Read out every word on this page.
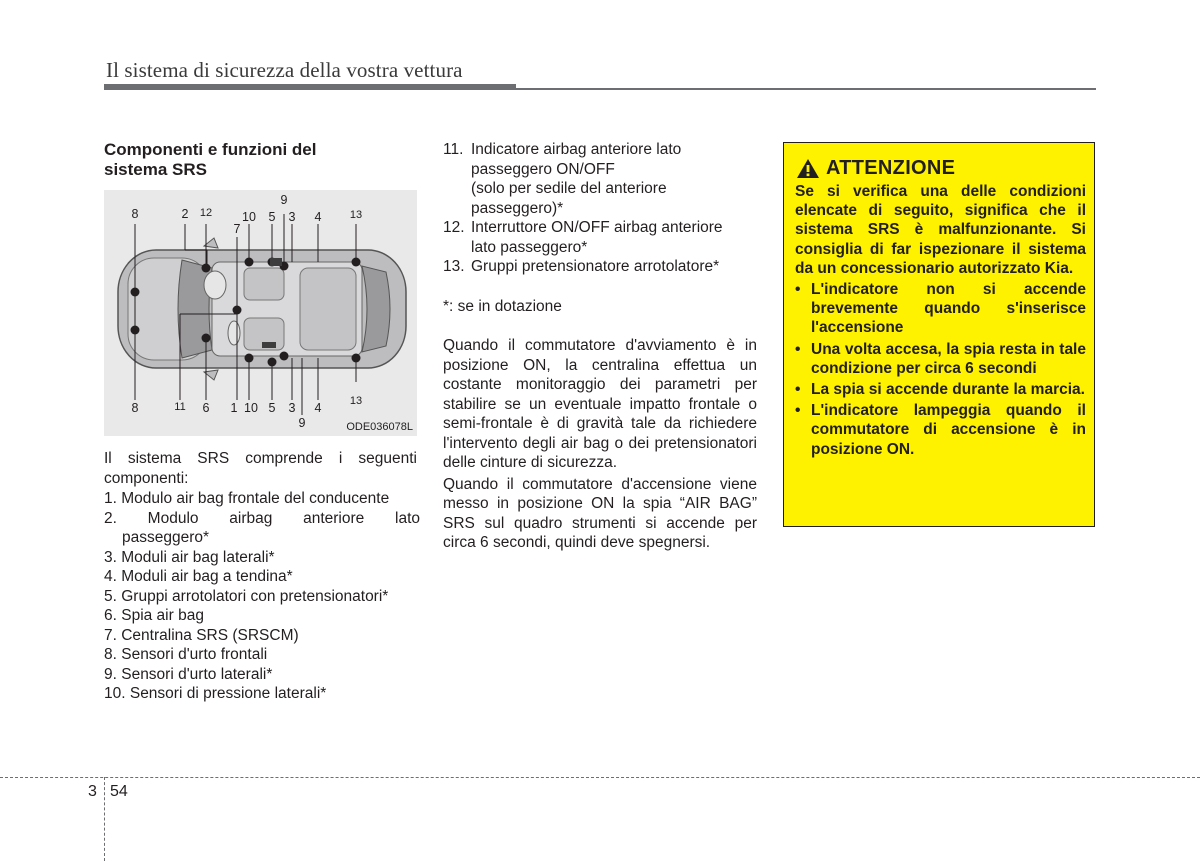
Il sistema di sicurezza della vostra vettura
Componenti e funzioni del
sistema SRS
8	2 12 10 5 3 4	13
9
7
8	11 6 1 10 5 3 4	13
9	ODE036078L
Il sistema SRS comprende i seguenti componenti:
1. Modulo air bag frontale del conducente
2. Modulo airbag anteriore lato
passeggero*
3. Moduli air bag laterali*
4. Moduli air bag a tendina*
5. Gruppi arrotolatori con pretensionatori*
6. Spia air bag
7. Centralina SRS (SRSCM)
8. Sensori d'urto frontali
9. Sensori d'urto laterali*
10. Sensori di pressione laterali*
11. Indicatore airbag anteriore lato
passeggero ON/OFF
(solo per sedile del anteriore
passeggero)*
12. Interruttore ON/OFF airbag anteriore
lato passeggero*
13. Gruppi pretensionatore arrotolatore*
*: se in dotazione
Quando il commutatore d'avviamento è in posizione ON, la centralina effettua un costante monitoraggio dei parametri per stabilire se un eventuale impatto frontale o semi-frontale è di gravità tale da richiedere l'intervento degli air bag o dei pretensionatori delle cinture di sicurezza.
Quando il commutatore d'accensione viene messo in posizione ON la spia “AIR BAG” SRS sul quadro strumenti si accende per circa 6 secondi, quindi deve spegnersi.
ATTENZIONE
Se si verifica una delle condizioni elencate di seguito, significa che il sistema SRS è malfunzionante. Si consiglia di far ispezionare il sistema da un concessionario autorizzato Kia.
• L'indicatore non si accende brevemente quando s'inserisce l'accensione
• Una volta accesa, la spia resta in tale condizione per circa 6 secondi
• La spia si accende durante la marcia.
• L'indicatore lampeggia quando il commutatore di accensione è in posizione ON.
3 54
